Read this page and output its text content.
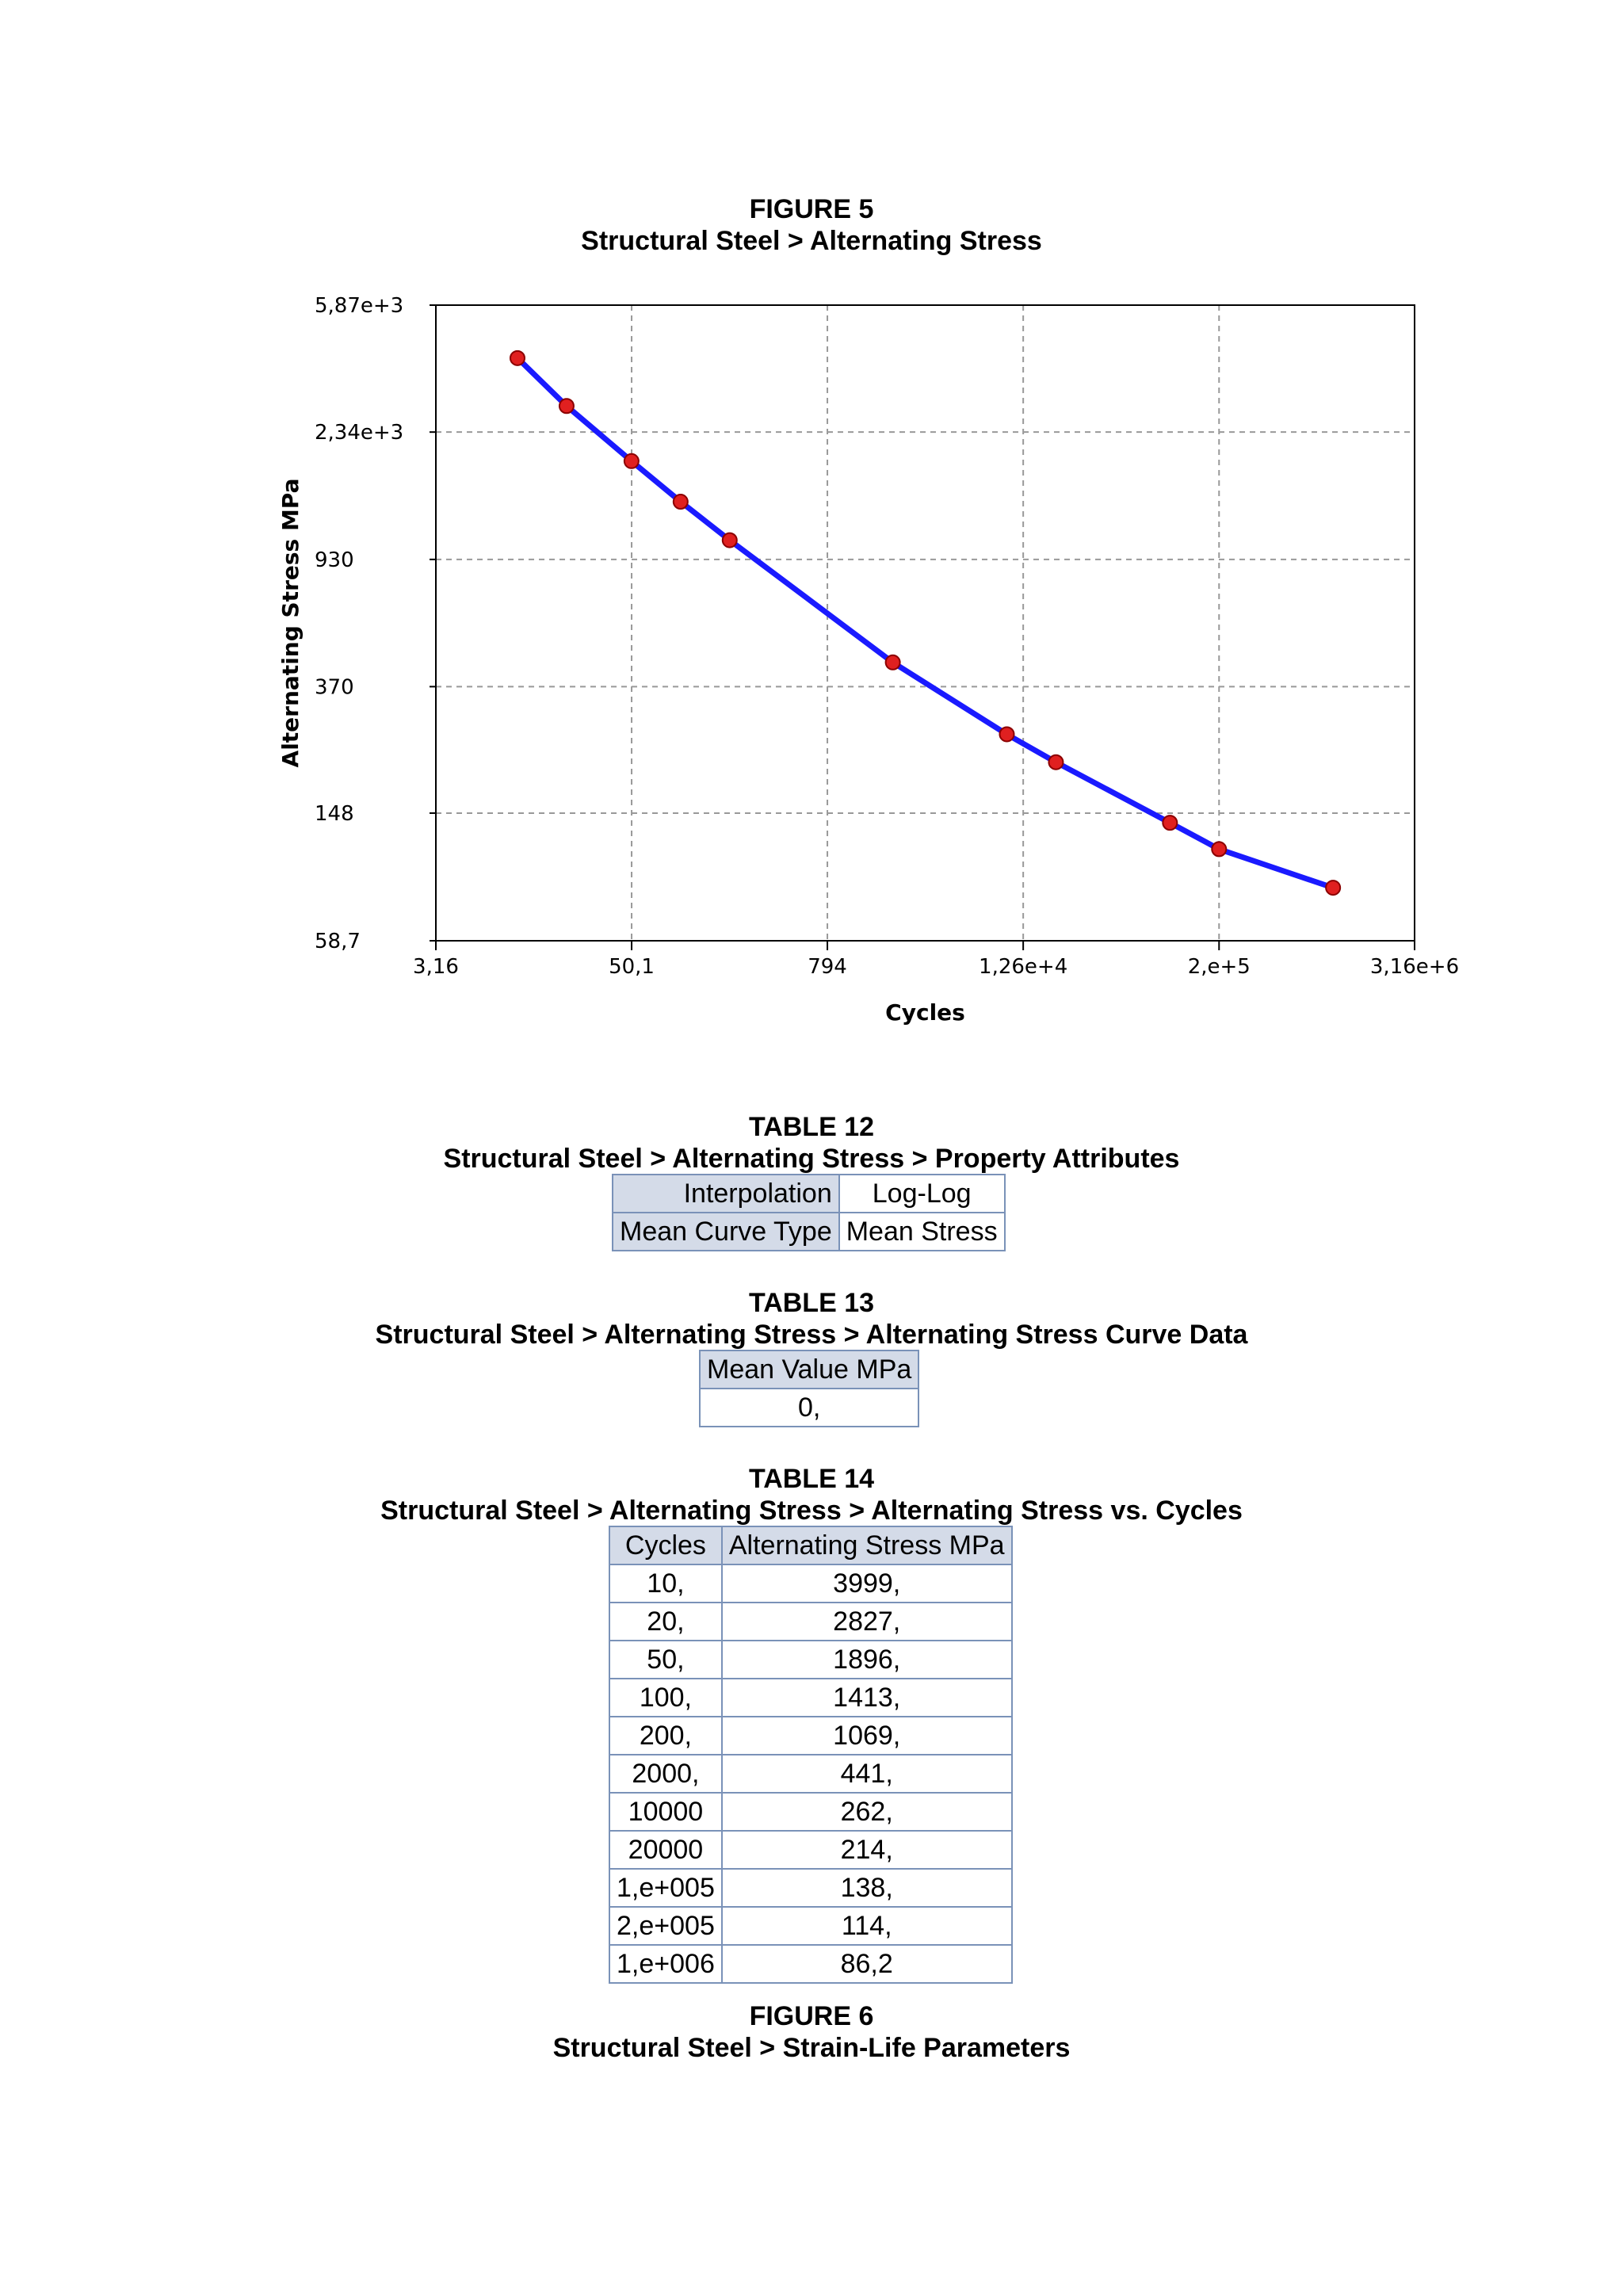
FIGURE 5
Structural Steel > Alternating Stress
5,87e+3
2,34e+3
930
370
148
58,7
3,16	50,1	794	1,26e+4	2,e+5	3,16e+6
Cycles
Alternating Stress MPa
TABLE 12
Structural Steel > Alternating Stress > Property Attributes
Interpolation	Log-Log
Mean Curve Type	Mean Stress
TABLE 13
Structural Steel > Alternating Stress > Alternating Stress Curve Data
Mean Value MPa
0,
TABLE 14
Structural Steel > Alternating Stress > Alternating Stress vs. Cycles
Cycles	Alternating Stress MPa
10,	3999,
20,	2827,
50,	1896,
100,	1413,
200,	1069,
2000,	441,
10000	262,
20000	214,
1,e+005	138,
2,e+005	114,
1,e+006	86,2
FIGURE 6
Structural Steel > Strain-Life Parameters
